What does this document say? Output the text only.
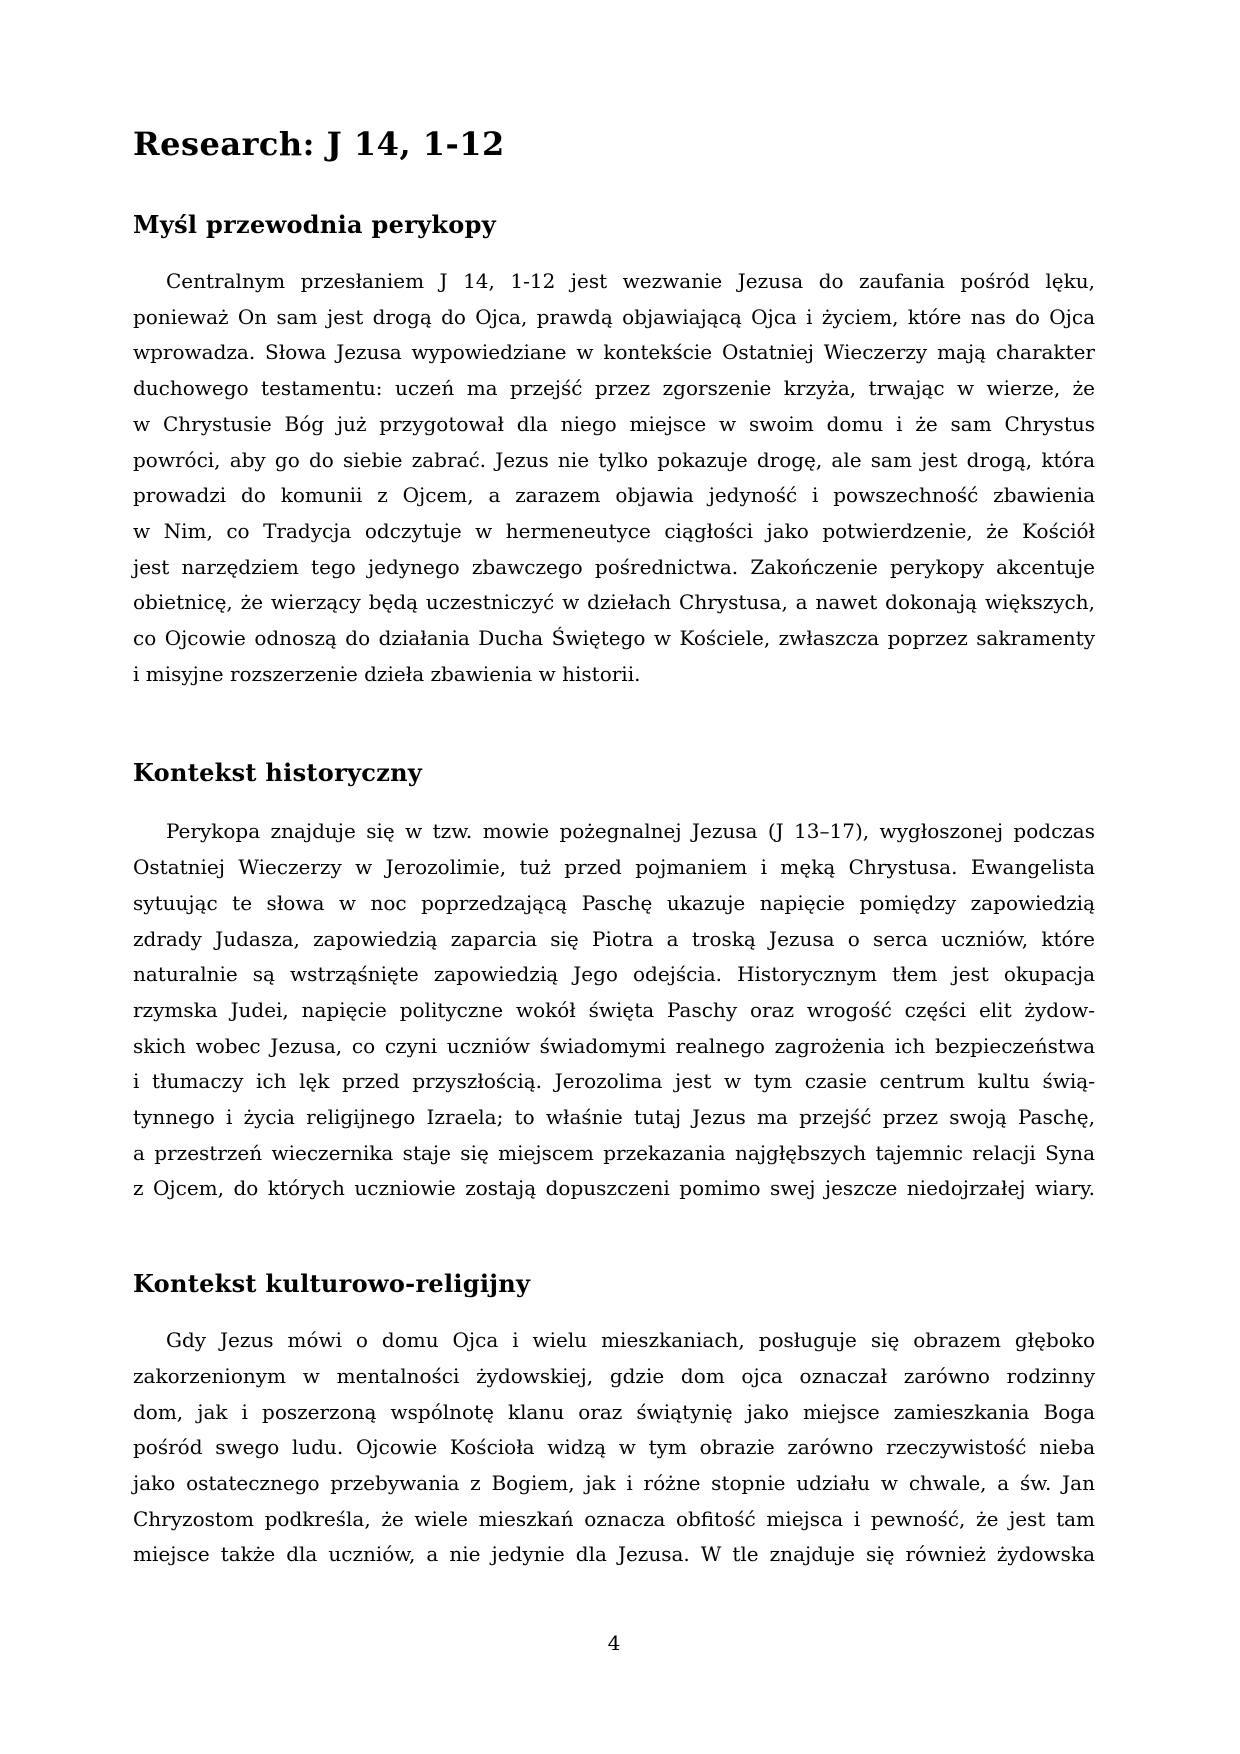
Research: J 14, 1-12
Myśl przewodnia perykopy
Centralnym przesłaniem J 14, 1-12 jest wezwanie Jezusa do zaufania pośród lęku,
ponieważ On sam jest drogą do Ojca, prawdą objawiającą Ojca i życiem, które nas do Ojca
wprowadza. Słowa Jezusa wypowiedziane w kontekście Ostatniej Wieczerzy mają charakter
duchowego testamentu: uczeń ma przejść przez zgorszenie krzyża, trwając w wierze, że
w Chrystusie Bóg już przygotował dla niego miejsce w swoim domu i że sam Chrystus
powróci, aby go do siebie zabrać. Jezus nie tylko pokazuje drogę, ale sam jest drogą, która
prowadzi do komunii z Ojcem, a zarazem objawia jedyność i powszechność zbawienia
w Nim, co Tradycja odczytuje w hermeneutyce ciągłości jako potwierdzenie, że Kościół
jest narzędziem tego jedynego zbawczego pośrednictwa. Zakończenie perykopy akcentuje
obietnicę, że wierzący będą uczestniczyć w dziełach Chrystusa, a nawet dokonają większych,
co Ojcowie odnoszą do działania Ducha Świętego w Kościele, zwłaszcza poprzez sakramenty
i misyjne rozszerzenie dzieła zbawienia w historii.
Kontekst historyczny
Perykopa znajduje się w tzw. mowie pożegnalnej Jezusa (J 13–17), wygłoszonej podczas
Ostatniej Wieczerzy w Jerozolimie, tuż przed pojmaniem i męką Chrystusa. Ewangelista
sytuując te słowa w noc poprzedzającą Paschę ukazuje napięcie pomiędzy zapowiedzią
zdrady Judasza, zapowiedzią zaparcia się Piotra a troską Jezusa o serca uczniów, które
naturalnie są wstrząśnięte zapowiedzią Jego odejścia. Historycznym tłem jest okupacja
rzymska Judei, napięcie polityczne wokół święta Paschy oraz wrogość części elit żydow-
skich wobec Jezusa, co czyni uczniów świadomymi realnego zagrożenia ich bezpieczeństwa
i tłumaczy ich lęk przed przyszłością. Jerozolima jest w tym czasie centrum kultu świą-
tynnego i życia religijnego Izraela; to właśnie tutaj Jezus ma przejść przez swoją Paschę,
a przestrzeń wieczernika staje się miejscem przekazania najgłębszych tajemnic relacji Syna
z Ojcem, do których uczniowie zostają dopuszczeni pomimo swej jeszcze niedojrzałej wiary.
Kontekst kulturowo-religijny
Gdy Jezus mówi o domu Ojca i wielu mieszkaniach, posługuje się obrazem głęboko
zakorzenionym w mentalności żydowskiej, gdzie dom ojca oznaczał zarówno rodzinny
dom, jak i poszerzoną wspólnotę klanu oraz świątynię jako miejsce zamieszkania Boga
pośród swego ludu. Ojcowie Kościoła widzą w tym obrazie zarówno rzeczywistość nieba
jako ostatecznego przebywania z Bogiem, jak i różne stopnie udziału w chwale, a św. Jan
Chryzostom podkreśla, że wiele mieszkań oznacza obfitość miejsca i pewność, że jest tam
miejsce także dla uczniów, a nie jedynie dla Jezusa. W tle znajduje się również żydowska
4
